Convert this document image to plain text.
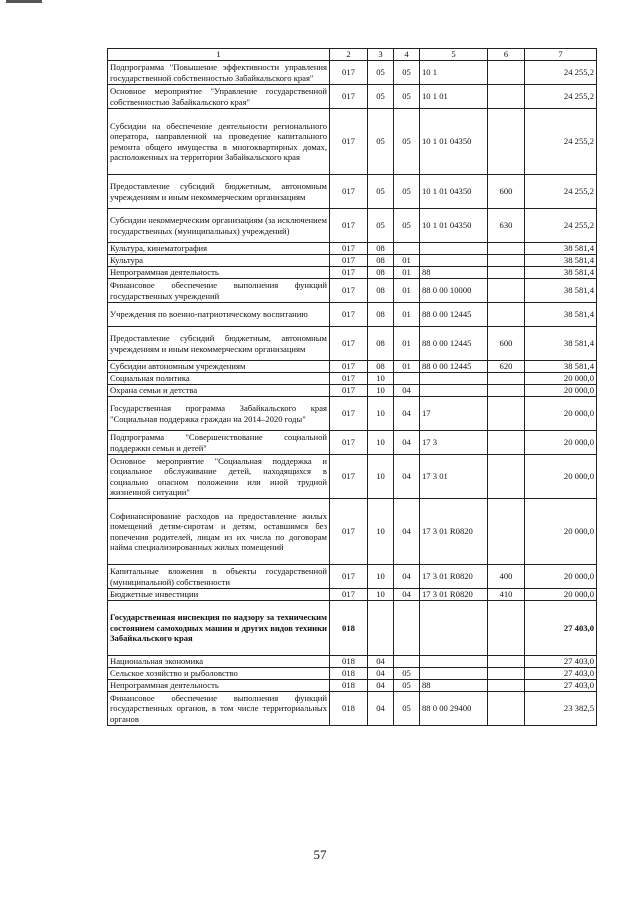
1	2	3	4	5	6	7
Подпрограмма "Повышение эффективности управления государственной собственностью Забайкальского края"	017	05	05	10 1		24 255,2
Основное мероприятие "Управление государственной собственностью Забайкальского края"	017	05	05	10 1 01		24 255,2
Субсидии на обеспечение деятельности регионального оператора, направленной на проведение капитального ремонта общего имущества в многоквартирных домах, расположенных на территории Забайкальского края	017	05	05	10 1 01 04350		24 255,2
Предоставление субсидий бюджетным, автономным учреждениям и иным некоммерческим организациям	017	05	05	10 1 01 04350	600	24 255,2
Субсидии некоммерческим организациям (за исключением государственных (муниципальных) учреждений)	017	05	05	10 1 01 04350	630	24 255,2
Культура, кинематография	017	08				38 581,4
Культура	017	08	01			38 581,4
Непрограммная деятельность	017	08	01	88		38 581,4
Финансовое обеспечение выполнения функций государственных учреждений	017	08	01	88 0 00 10000		38 581,4
Учреждения по военно-патриотическому воспитанию	017	08	01	88 0 00 12445		38 581,4
Предоставление субсидий бюджетным, автономным учреждениям и иным некоммерческим организациям	017	08	01	88 0 00 12445	600	38 581,4
Субсидии автономным учреждениям	017	08	01	88 0 00 12445	620	38 581,4
Социальная политика	017	10				20 000,0
Охрана семьи и детства	017	10	04			20 000,0
Государственная программа Забайкальского края "Социальная поддержка граждан на 2014–2020 годы"	017	10	04	17		20 000,0
Подпрограмма "Совершенствование социальной поддержки семьи и детей"	017	10	04	17 3		20 000,0
Основное мероприятие "Социальная поддержка и социальное обслуживание детей, находящихся в социально опасном положении или иной трудной жизненной ситуации"	017	10	04	17 3 01		20 000,0
Софинансирование расходов на предоставление жилых помещений детям-сиротам и детям, оставшимся без попечения родителей, лицам из их числа по договорам найма специализированных жилых помещений	017	10	04	17 3 01 R0820		20 000,0
Капитальные вложения в объекты государственной (муниципальной) собственности	017	10	04	17 3 01 R0820	400	20 000,0
Бюджетные инвестиции	017	10	04	17 3 01 R0820	410	20 000,0
Государственная инспекция по надзору за техническим состоянием самоходных машин и других видов техники Забайкальского края	018					27 403,0
Национальная экономика	018	04				27 403,0
Сельское хозяйство и рыболовство	018	04	05			27 403,0
Непрограммная деятельность	018	04	05	88		27 403,0
Финансовое обеспечение выполнения функций государственных органов, в том числе территориальных органов	018	04	05	88 0 00 29400		23 382,5
57
